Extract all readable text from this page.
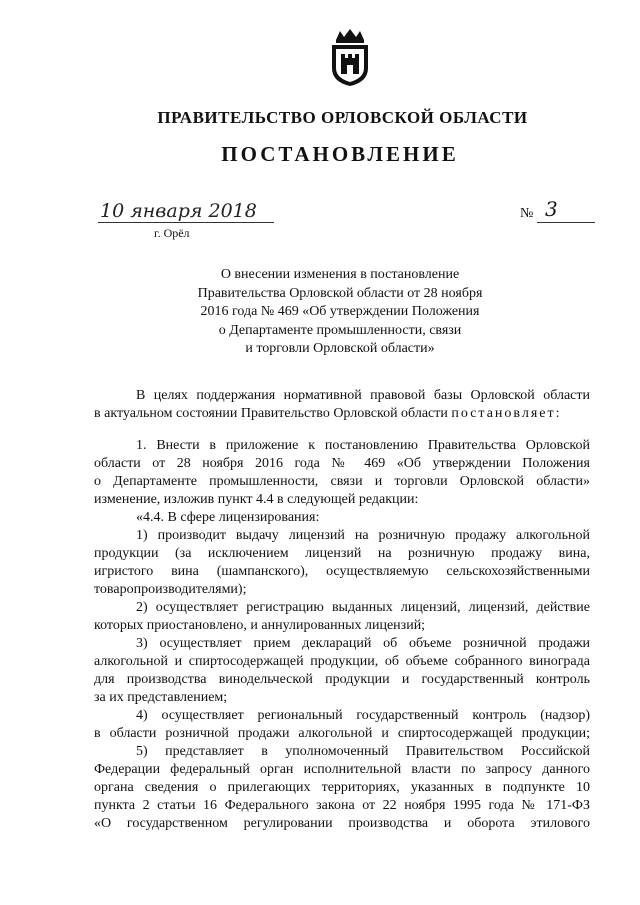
ПРАВИТЕЛЬСТВО ОРЛОВСКОЙ ОБЛАСТИ
ПОСТАНОВЛЕНИЕ
10 января 2018
г. Орёл
№ 3
О внесении изменения в постановление
Правительства Орловской области от 28 ноября
2016 года № 469 «Об утверждении Положения
о Департаменте промышленности, связи
и торговли Орловской области»
В целях поддержания нормативной правовой базы Орловской области
в актуальном состоянии Правительство Орловской области постановляет:
1. Внести в приложение к постановлению Правительства Орловской
области от 28 ноября 2016 года № 469 «Об утверждении Положения
о Департаменте промышленности, связи и торговли Орловской области»
изменение, изложив пункт 4.4 в следующей редакции:
«4.4. В сфере лицензирования:
1) производит выдачу лицензий на розничную продажу алкогольной
продукции (за исключением лицензий на розничную продажу вина,
игристого вина (шампанского), осуществляемую сельскохозяйственными
товаропроизводителями);
2) осуществляет регистрацию выданных лицензий, лицензий, действие
которых приостановлено, и аннулированных лицензий;
3) осуществляет прием деклараций об объеме розничной продажи
алкогольной и спиртосодержащей продукции, об объеме собранного винограда
для производства винодельческой продукции и государственный контроль
за их представлением;
4) осуществляет региональный государственный контроль (надзор)
в области розничной продажи алкогольной и спиртосодержащей продукции;
5) представляет в уполномоченный Правительством Российской
Федерации федеральный орган исполнительной власти по запросу данного
органа сведения о прилегающих территориях, указанных в подпункте 10
пункта 2 статьи 16 Федерального закона от 22 ноября 1995 года № 171-ФЗ
«О государственном регулировании производства и оборота этилового
